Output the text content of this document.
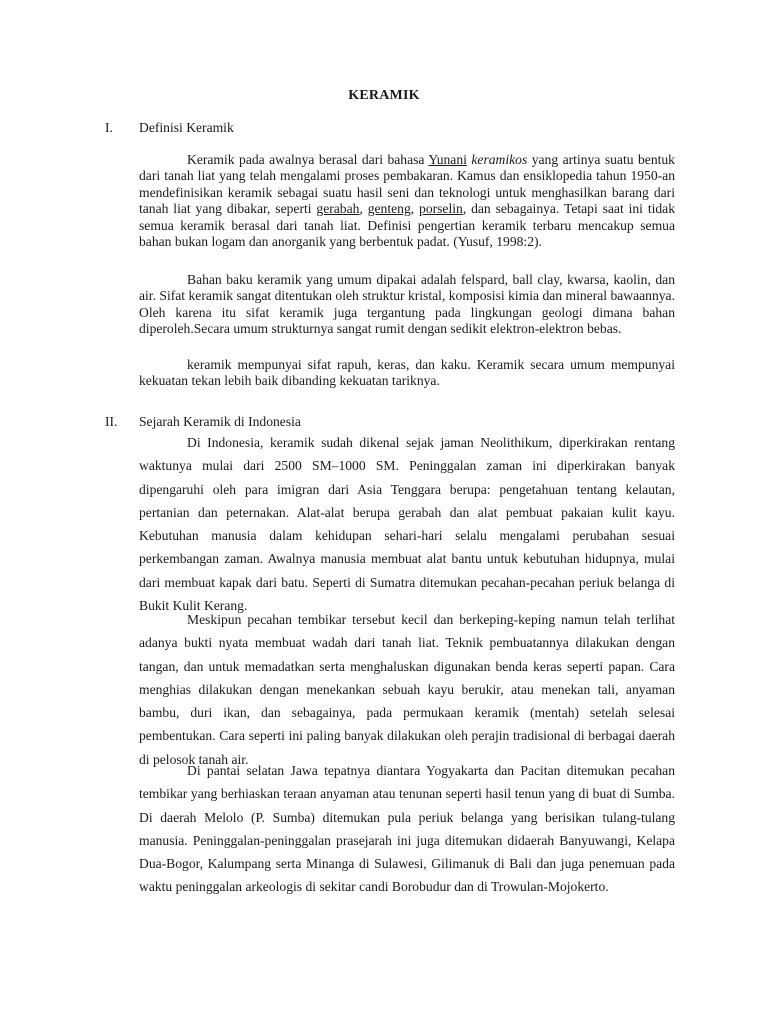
KERAMIK
I. Definisi Keramik

Keramik pada awalnya berasal dari bahasa Yunani keramikos yang artinya suatu bentuk dari tanah liat yang telah mengalami proses pembakaran. Kamus dan ensiklopedia tahun 1950-an mendefinisikan keramik sebagai suatu hasil seni dan teknologi untuk menghasilkan barang dari tanah liat yang dibakar, seperti gerabah, genteng, porselin, dan sebagainya. Tetapi saat ini tidak semua keramik berasal dari tanah liat. Definisi pengertian keramik terbaru mencakup semua bahan bukan logam dan anorganik yang berbentuk padat. (Yusuf, 1998:2).

Bahan baku keramik yang umum dipakai adalah felspard, ball clay, kwarsa, kaolin, dan air. Sifat keramik sangat ditentukan oleh struktur kristal, komposisi kimia dan mineral bawaannya. Oleh karena itu sifat keramik juga tergantung pada lingkungan geologi dimana bahan diperoleh.Secara umum strukturnya sangat rumit dengan sedikit elektron-elektron bebas.

keramik mempunyai sifat rapuh, keras, dan kaku. Keramik secara umum mempunyai kekuatan tekan lebih baik dibanding kekuatan tariknya.

II. Sejarah Keramik di Indonesia

Di Indonesia, keramik sudah dikenal sejak jaman Neolithikum, diperkirakan rentang waktunya mulai dari 2500 SM–1000 SM. Peninggalan zaman ini diperkirakan banyak dipengaruhi oleh para imigran dari Asia Tenggara berupa: pengetahuan tentang kelautan, pertanian dan peternakan. Alat-alat berupa gerabah dan alat pembuat pakaian kulit kayu. Kebutuhan manusia dalam kehidupan sehari-hari selalu mengalami perubahan sesuai perkembangan zaman. Awalnya manusia membuat alat bantu untuk kebutuhan hidupnya, mulai dari membuat kapak dari batu. Seperti di Sumatra ditemukan pecahan-pecahan periuk belanga di Bukit Kulit Kerang.

Meskipun pecahan tembikar tersebut kecil dan berkeping-keping namun telah terlihat adanya bukti nyata membuat wadah dari tanah liat. Teknik pembuatannya dilakukan dengan tangan, dan untuk memadatkan serta menghaluskan digunakan benda keras seperti papan. Cara menghias dilakukan dengan menekankan sebuah kayu berukir, atau menekan tali, anyaman bambu, duri ikan, dan sebagainya, pada permukaan keramik (mentah) setelah selesai pembentukan. Cara seperti ini paling banyak dilakukan oleh perajin tradisional di berbagai daerah di pelosok tanah air.

Di pantai selatan Jawa tepatnya diantara Yogyakarta dan Pacitan ditemukan pecahan tembikar yang berhiaskan teraan anyaman atau tenunan seperti hasil tenun yang di buat di Sumba. Di daerah Melolo (P. Sumba) ditemukan pula periuk belanga yang berisikan tulang-tulang manusia. Peninggalan-peninggalan prasejarah ini juga ditemukan didaerah Banyuwangi, Kelapa Dua-Bogor, Kalumpang serta Minanga di Sulawesi, Gilimanuk di Bali dan juga penemuan pada waktu peninggalan arkeologis di sekitar candi Borobudur dan di Trowulan-Mojokerto.
